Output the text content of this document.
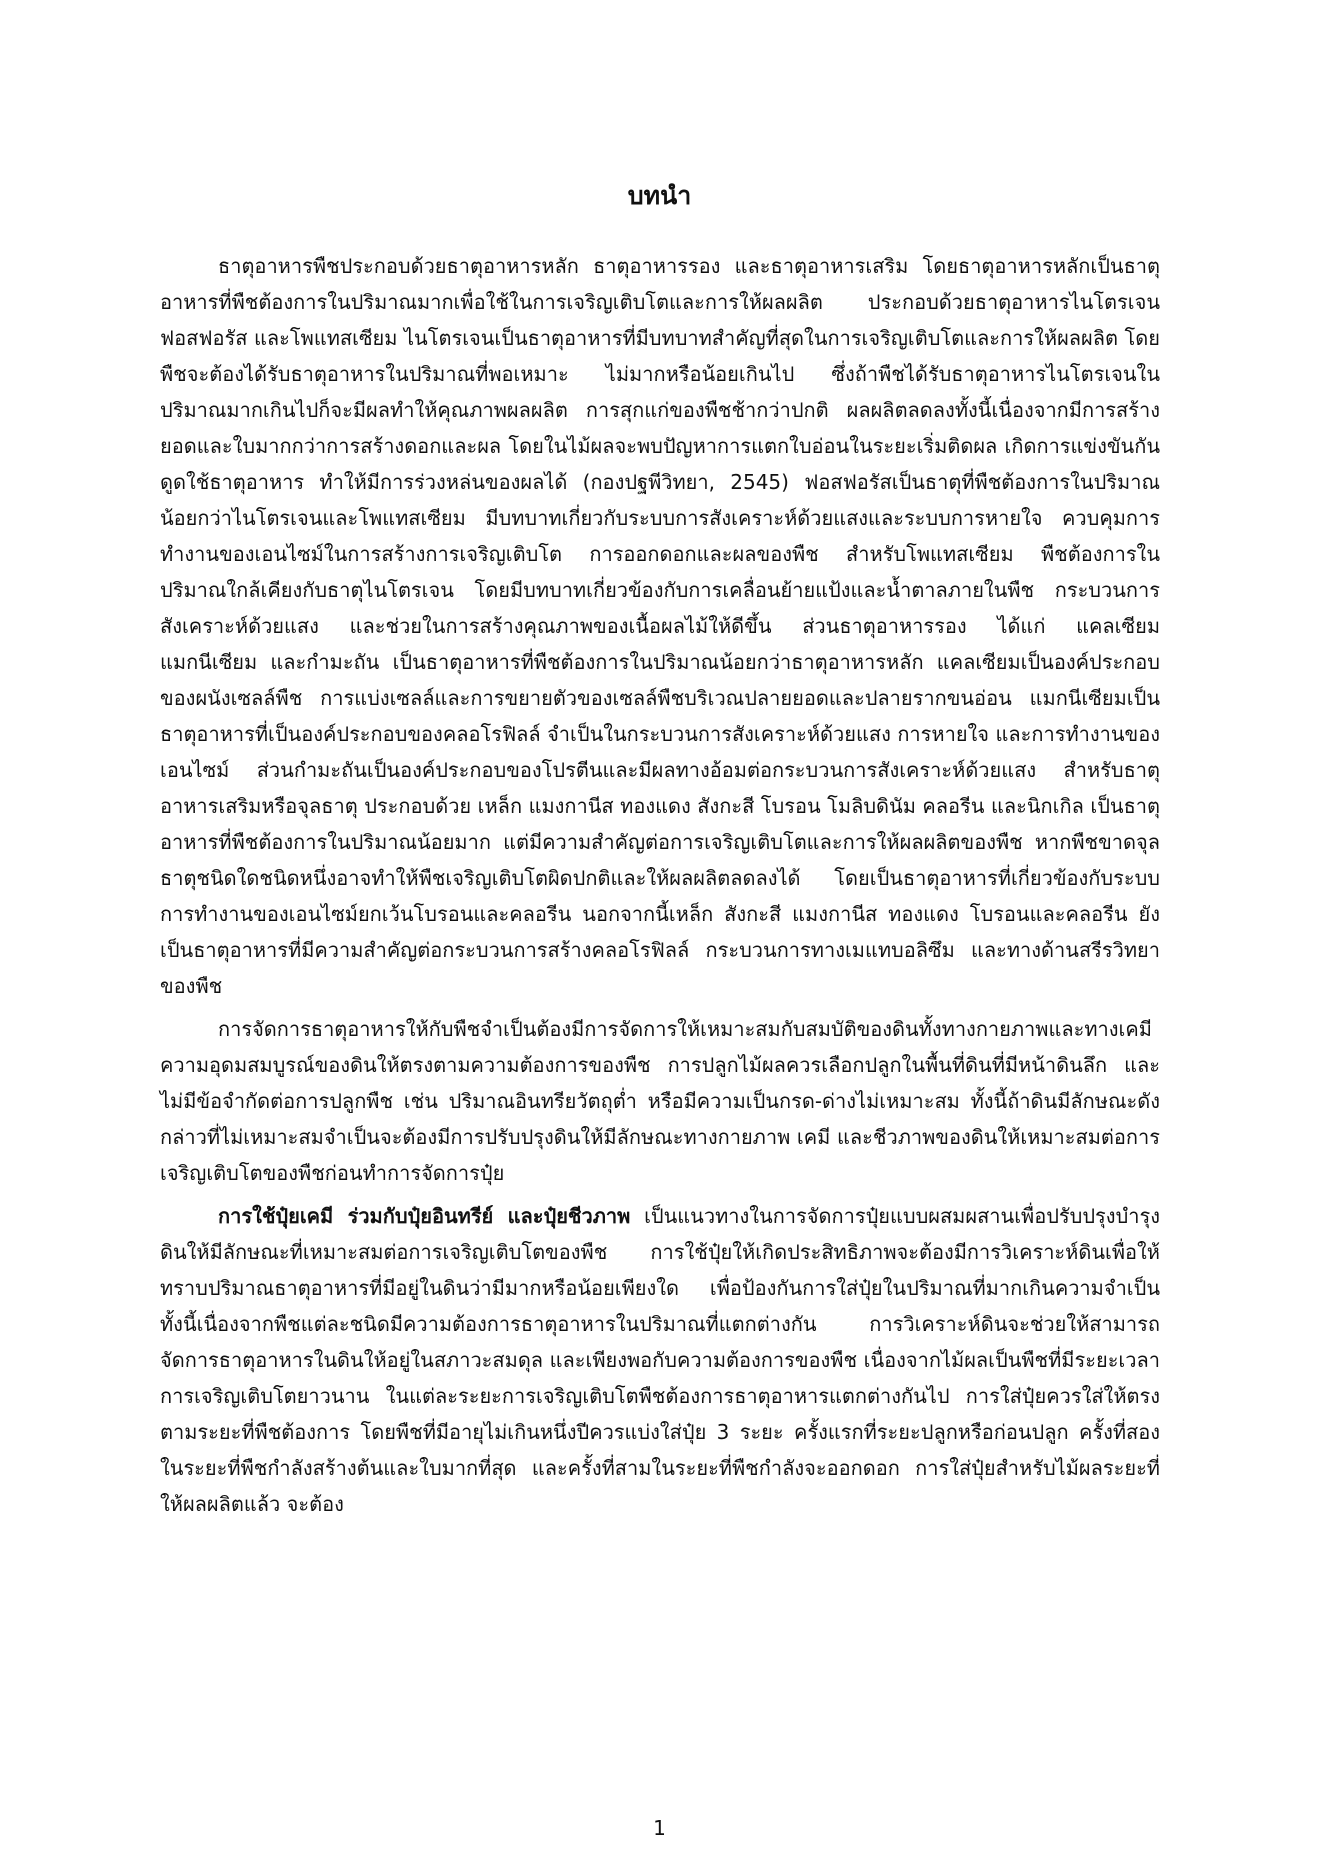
บทนำ

ธาตุอาหารพืชประกอบด้วยธาตุอาหารหลัก ธาตุอาหารรอง และธาตุอาหารเสริม โดยธาตุอาหารหลักเป็นธาตุอาหารที่พืชต้องการในปริมาณมากเพื่อใช้ในการเจริญเติบโตและการให้ผลผลิต ประกอบด้วยธาตุอาหารไนโตรเจน ฟอสฟอรัส และโพแทสเซียม ไนโตรเจนเป็นธาตุอาหารที่มีบทบาทสำคัญที่สุดในการเจริญเติบโตและการให้ผลผลิต โดยพืชจะต้องได้รับธาตุอาหารในปริมาณที่พอเหมาะ ไม่มากหรือน้อยเกินไป ซึ่งถ้าพืชได้รับธาตุอาหารไนโตรเจนในปริมาณมากเกินไปก็จะมีผลทำให้คุณภาพผลผลิต การสุกแก่ของพืชช้ากว่าปกติ ผลผลิตลดลงทั้งนี้เนื่องจากมีการสร้างยอดและใบมากกว่าการสร้างดอกและผล โดยในไม้ผลจะพบปัญหาการแตกใบอ่อนในระยะเริ่มติดผล เกิดการแข่งขันกันดูดใช้ธาตุอาหาร ทำให้มีการร่วงหล่นของผลได้ (กองปฐพีวิทยา, 2545) ฟอสฟอรัสเป็นธาตุที่พืชต้องการในปริมาณน้อยกว่าไนโตรเจนและโพแทสเซียม มีบทบาทเกี่ยวกับระบบการสังเคราะห์ด้วยแสงและระบบการหายใจ ควบคุมการทำงานของเอนไซม์ในการสร้างการเจริญเติบโต การออกดอกและผลของพืช สำหรับโพแทสเซียม พืชต้องการในปริมาณใกล้เคียงกับธาตุไนโตรเจน โดยมีบทบาทเกี่ยวข้องกับการเคลื่อนย้ายแป้งและน้ำตาลภายในพืช กระบวนการสังเคราะห์ด้วยแสง และช่วยในการสร้างคุณภาพของเนื้อผลไม้ให้ดีขึ้น ส่วนธาตุอาหารรอง ได้แก่ แคลเซียม แมกนีเซียม และกำมะถัน เป็นธาตุอาหารที่พืชต้องการในปริมาณน้อยกว่าธาตุอาหารหลัก แคลเซียมเป็นองค์ประกอบของผนังเซลล์พืช การแบ่งเซลล์และการขยายตัวของเซลล์พืชบริเวณปลายยอดและปลายรากขนอ่อน แมกนีเซียมเป็นธาตุอาหารที่เป็นองค์ประกอบของคลอโรฟิลล์ จำเป็นในกระบวนการสังเคราะห์ด้วยแสง การหายใจ และการทำงานของเอนไซม์ ส่วนกำมะถันเป็นองค์ประกอบของโปรตีนและมีผลทางอ้อมต่อกระบวนการสังเคราะห์ด้วยแสง สำหรับธาตุอาหารเสริมหรือจุลธาตุ ประกอบด้วย เหล็ก แมงกานีส ทองแดง สังกะสี โบรอน โมลิบดินัม คลอรีน และนิกเกิล เป็นธาตุอาหารที่พืชต้องการในปริมาณน้อยมาก แต่มีความสำคัญต่อการเจริญเติบโตและการให้ผลผลิตของพืช หากพืชขาดจุลธาตุชนิดใดชนิดหนึ่งอาจทำให้พืชเจริญเติบโตผิดปกติและให้ผลผลิตลดลงได้ โดยเป็นธาตุอาหารที่เกี่ยวข้องกับระบบการทำงานของเอนไซม์ยกเว้นโบรอนและคลอรีน นอกจากนี้เหล็ก สังกะสี แมงกานีส ทองแดง โบรอนและคลอรีน ยังเป็นธาตุอาหารที่มีความสำคัญต่อกระบวนการสร้างคลอโรฟิลล์ กระบวนการทางเมแทบอลิซึม และทางด้านสรีรวิทยาของพืช

การจัดการธาตุอาหารให้กับพืชจำเป็นต้องมีการจัดการให้เหมาะสมกับสมบัติของดินทั้งทางกายภาพและทางเคมี ความอุดมสมบูรณ์ของดินให้ตรงตามความต้องการของพืช การปลูกไม้ผลควรเลือกปลูกในพื้นที่ดินที่มีหน้าดินลึก และไม่มีข้อจำกัดต่อการปลูกพืช เช่น ปริมาณอินทรียวัตถุต่ำ หรือมีความเป็นกรด-ด่างไม่เหมาะสม ทั้งนี้ถ้าดินมีลักษณะดังกล่าวที่ไม่เหมาะสมจำเป็นจะต้องมีการปรับปรุงดินให้มีลักษณะทางกายภาพ เคมี และชีวภาพของดินให้เหมาะสมต่อการเจริญเติบโตของพืชก่อนทำการจัดการปุ๋ย

การใช้ปุ๋ยเคมี ร่วมกับปุ๋ยอินทรีย์ และปุ๋ยชีวภาพ เป็นแนวทางในการจัดการปุ๋ยแบบผสมผสานเพื่อปรับปรุงบำรุงดินให้มีลักษณะที่เหมาะสมต่อการเจริญเติบโตของพืช การใช้ปุ๋ยให้เกิดประสิทธิภาพจะต้องมีการวิเคราะห์ดินเพื่อให้ทราบปริมาณธาตุอาหารที่มีอยู่ในดินว่ามีมากหรือน้อยเพียงใด เพื่อป้องกันการใส่ปุ๋ยในปริมาณที่มากเกินความจำเป็น ทั้งนี้เนื่องจากพืชแต่ละชนิดมีความต้องการธาตุอาหารในปริมาณที่แตกต่างกัน การวิเคราะห์ดินจะช่วยให้สามารถจัดการธาตุอาหารในดินให้อยู่ในสภาวะสมดุล และเพียงพอกับความต้องการของพืช เนื่องจากไม้ผลเป็นพืชที่มีระยะเวลาการเจริญเติบโตยาวนาน ในแต่ละระยะการเจริญเติบโตพืชต้องการธาตุอาหารแตกต่างกันไป การใส่ปุ๋ยควรใส่ให้ตรงตามระยะที่พืชต้องการ โดยพืชที่มีอายุไม่เกินหนึ่งปีควรแบ่งใส่ปุ๋ย 3 ระยะ ครั้งแรกที่ระยะปลูกหรือก่อนปลูก ครั้งที่สองในระยะที่พืชกำลังสร้างต้นและใบมากที่สุด และครั้งที่สามในระยะที่พืชกำลังจะออกดอก การใส่ปุ๋ยสำหรับไม้ผลระยะที่ให้ผลผลิตแล้ว จะต้อง

1
